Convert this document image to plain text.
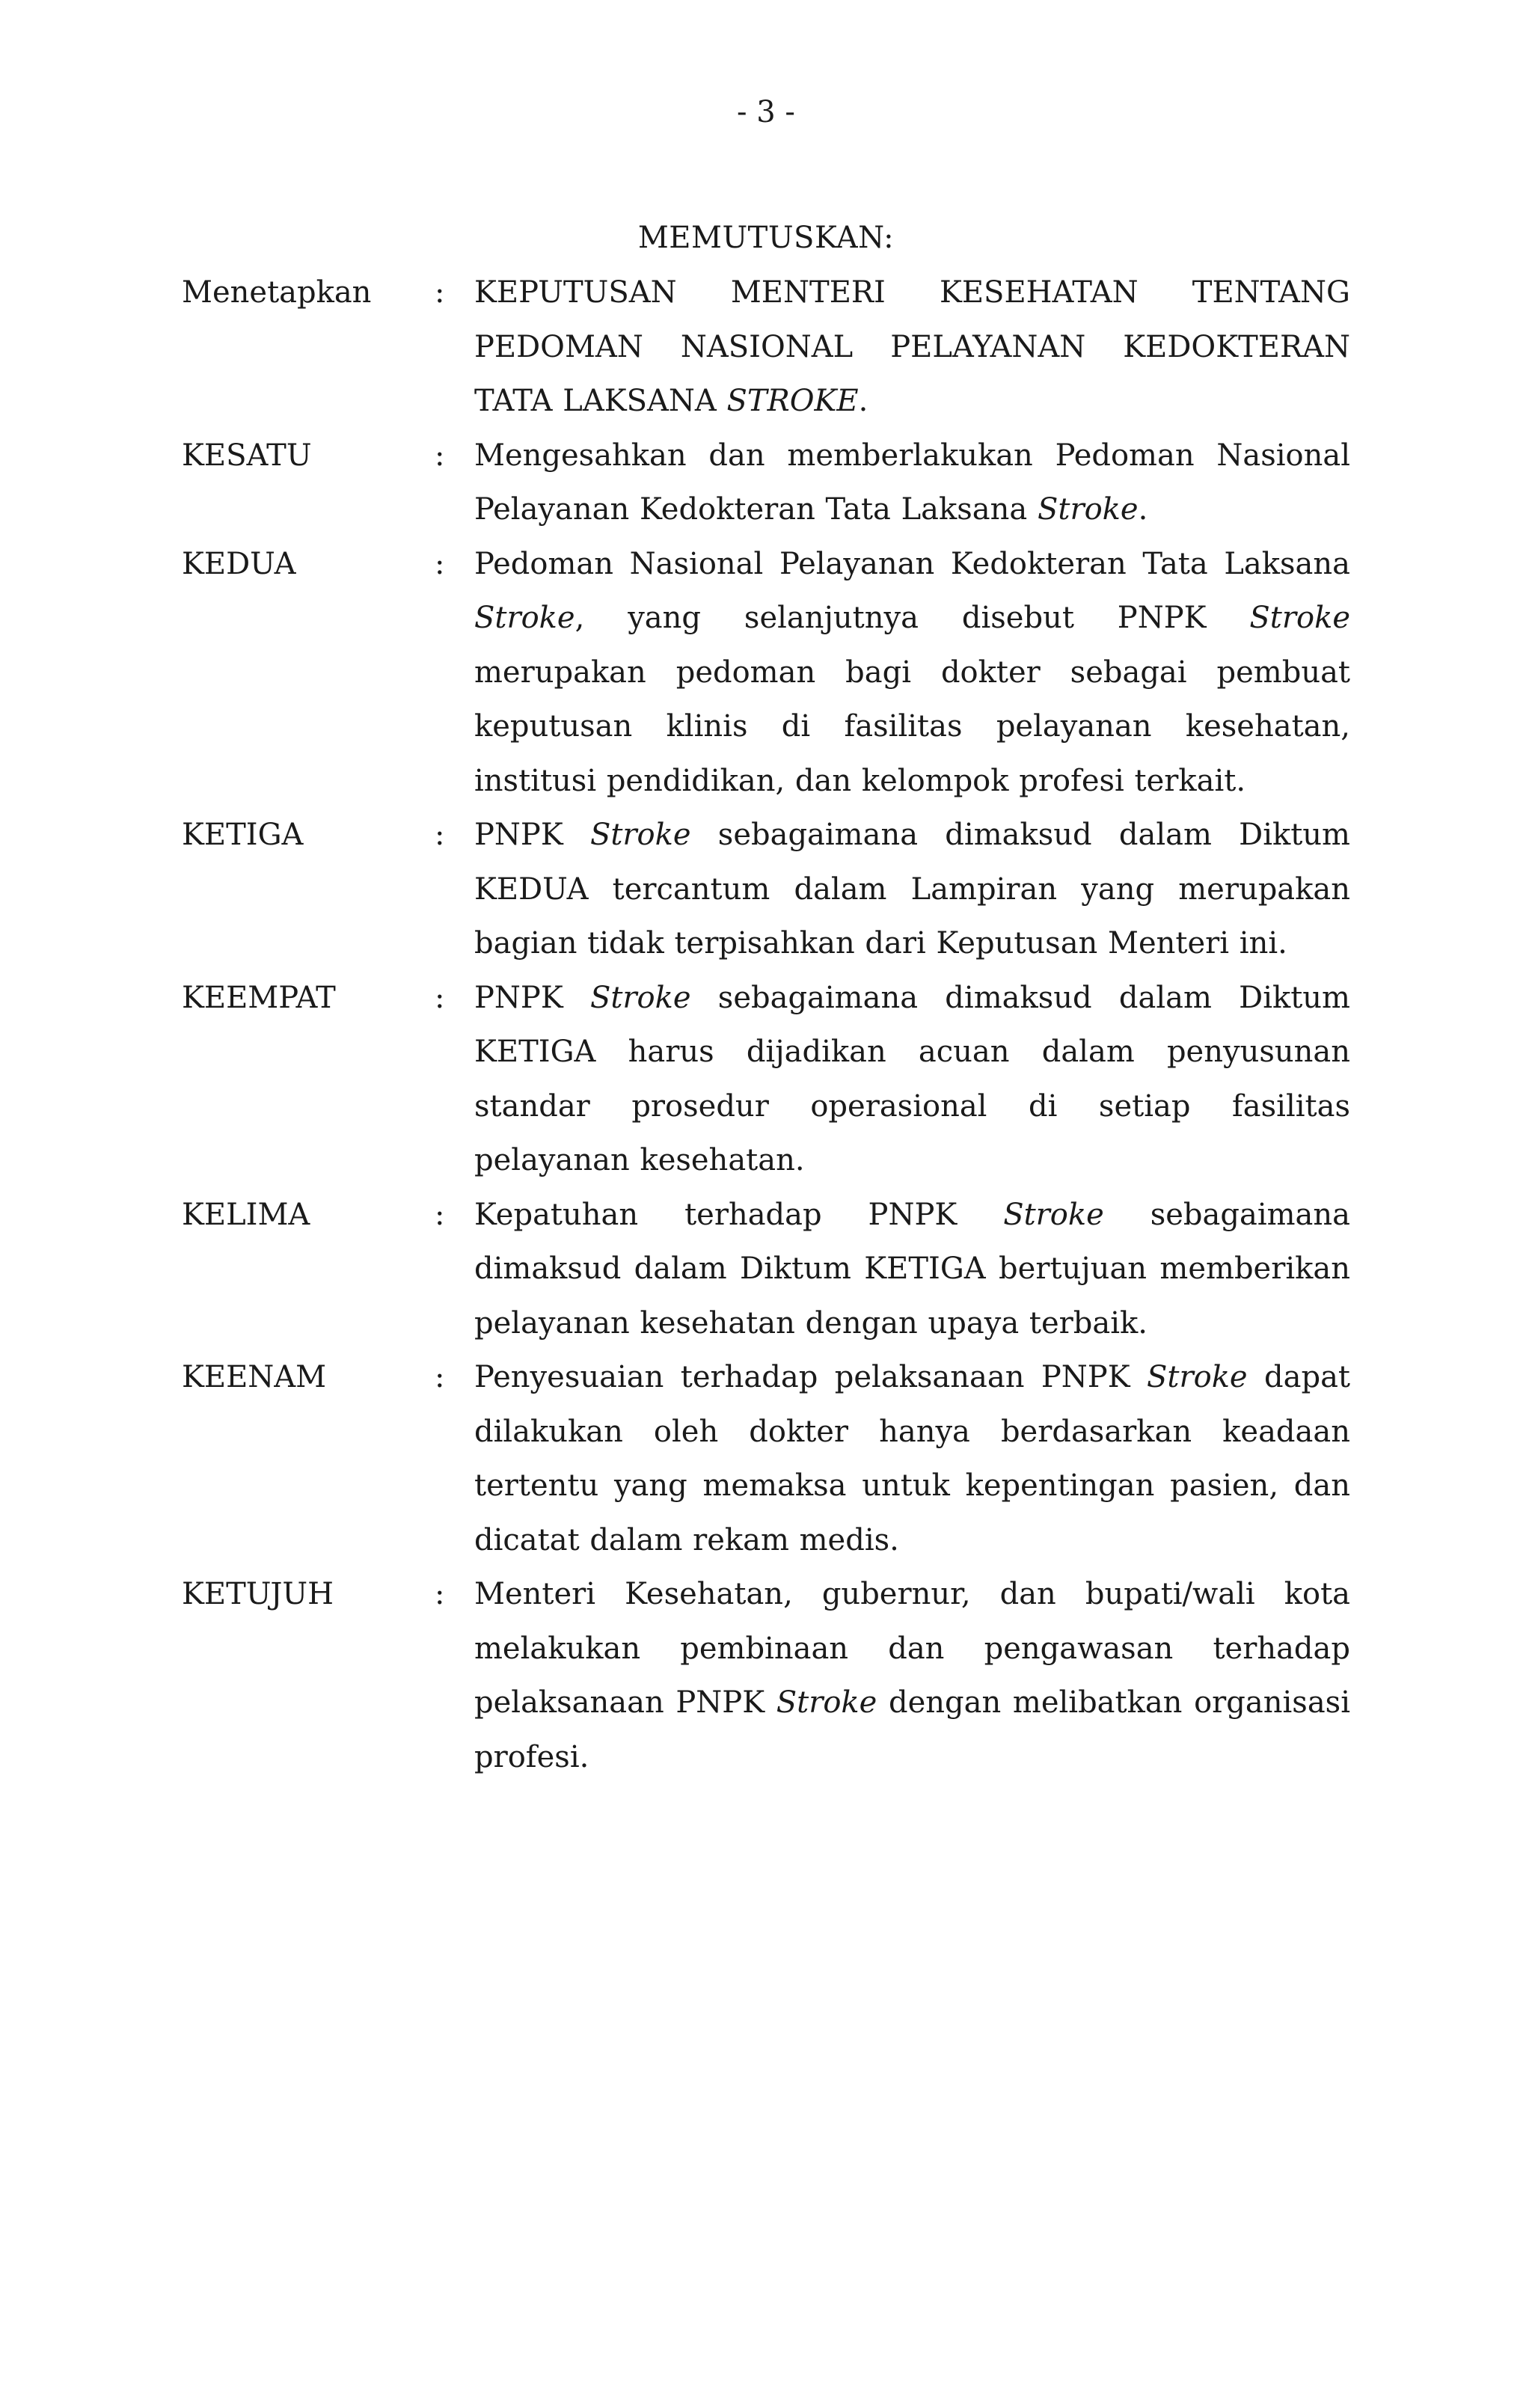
- 3 -
MEMUTUSKAN:
Menetapkan	: KEPUTUSAN MENTERI KESEHATAN TENTANG PEDOMAN NASIONAL PELAYANAN KEDOKTERAN TATA LAKSANA STROKE.
KESATU	: Mengesahkan dan memberlakukan Pedoman Nasional Pelayanan Kedokteran Tata Laksana Stroke.
KEDUA	: Pedoman Nasional Pelayanan Kedokteran Tata Laksana Stroke, yang selanjutnya disebut PNPK Stroke merupakan pedoman bagi dokter sebagai pembuat keputusan klinis di fasilitas pelayanan kesehatan, institusi pendidikan, dan kelompok profesi terkait.
KETIGA	: PNPK Stroke sebagaimana dimaksud dalam Diktum KEDUA tercantum dalam Lampiran yang merupakan bagian tidak terpisahkan dari Keputusan Menteri ini.
KEEMPAT	: PNPK Stroke sebagaimana dimaksud dalam Diktum KETIGA harus dijadikan acuan dalam penyusunan standar prosedur operasional di setiap fasilitas pelayanan kesehatan.
KELIMA	: Kepatuhan terhadap PNPK Stroke sebagaimana dimaksud dalam Diktum KETIGA bertujuan memberikan pelayanan kesehatan dengan upaya terbaik.
KEENAM	: Penyesuaian terhadap pelaksanaan PNPK Stroke dapat dilakukan oleh dokter hanya berdasarkan keadaan tertentu yang memaksa untuk kepentingan pasien, dan dicatat dalam rekam medis.
KETUJUH	: Menteri Kesehatan, gubernur, dan bupati/wali kota melakukan pembinaan dan pengawasan terhadap pelaksanaan PNPK Stroke dengan melibatkan organisasi profesi.
